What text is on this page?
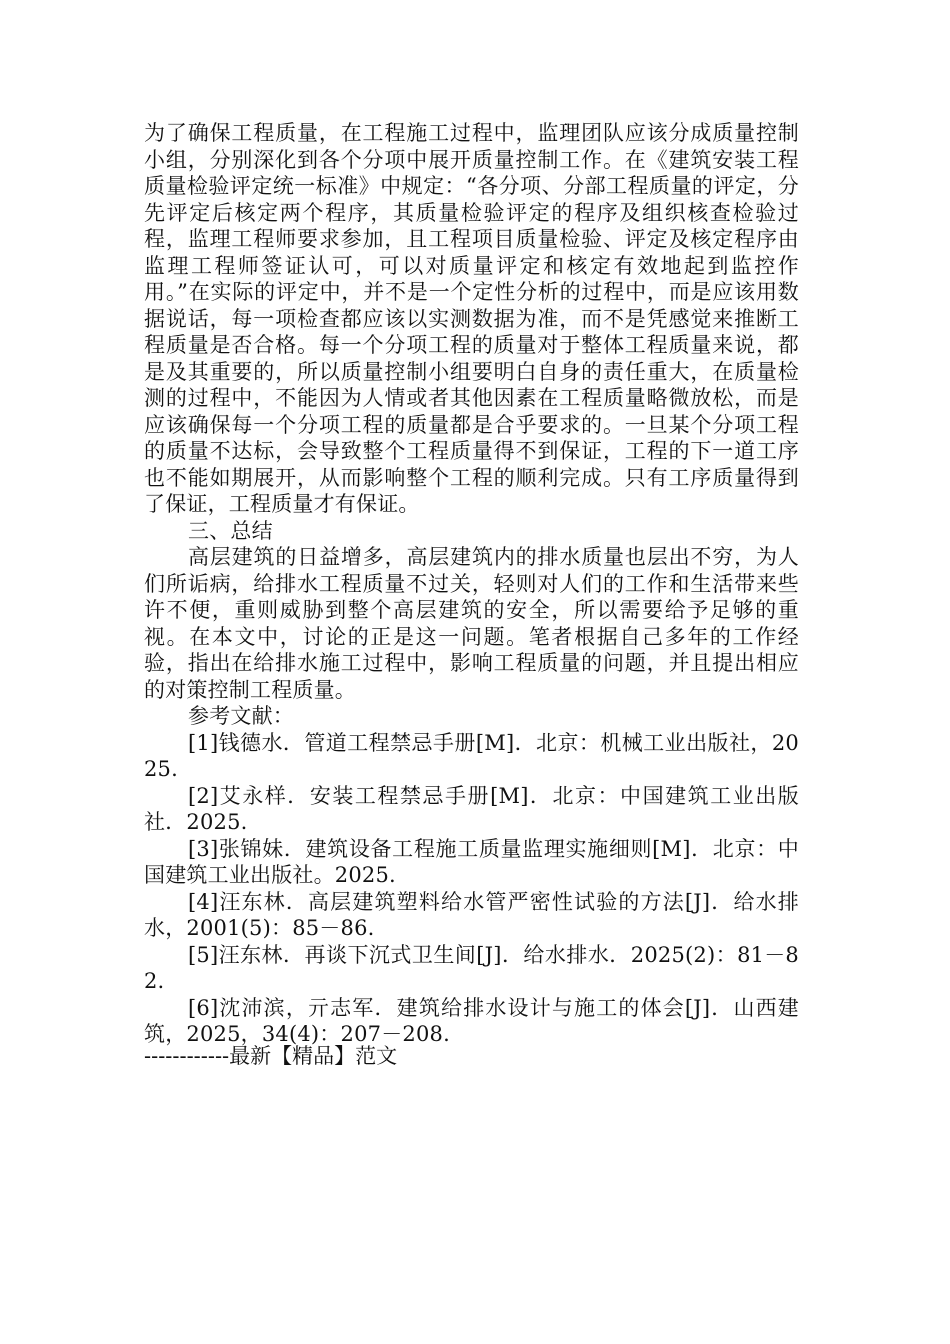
为了确保工程质量，在工程施工过程中，监理团队应该分成质量控制小组，分别深化到各个分项中展开质量控制工作。在《建筑安装工程质量检验评定统一标准》中规定：“各分项、分部工程质量的评定，分先评定后核定两个程序，其质量检验评定的程序及组织核查检验过程，监理工程师要求参加，且工程项目质量检验、评定及核定程序由监理工程师签证认可，可以对质量评定和核定有效地起到监控作用。”在实际的评定中，并不是一个定性分析的过程中，而是应该用数据说话，每一项检查都应该以实测数据为准，而不是凭感觉来推断工程质量是否合格。每一个分项工程的质量对于整体工程质量来说，都是及其重要的，所以质量控制小组要明白自身的责任重大，在质量检测的过程中，不能因为人情或者其他因素在工程质量略微放松，而是应该确保每一个分项工程的质量都是合乎要求的。一旦某个分项工程的质量不达标，会导致整个工程质量得不到保证，工程的下一道工序也不能如期展开，从而影响整个工程的顺利完成。只有工序质量得到了保证，工程质量才有保证。

三、总结

高层建筑的日益增多，高层建筑内的排水质量也层出不穷，为人们所诟病，给排水工程质量不过关，轻则对人们的工作和生活带来些许不便，重则威胁到整个高层建筑的安全，所以需要给予足够的重视。在本文中，讨论的正是这一问题。笔者根据自己多年的工作经验，指出在给排水施工过程中，影响工程质量的问题，并且提出相应的对策控制工程质量。

参考文献：

[1]钱德水．管道工程禁忌手册[M]．北京：机械工业出版社，2025.

[2]艾永样．安装工程禁忌手册[M]．北京：中国建筑工业出版社．2025.

[3]张锦妹．建筑设备工程施工质量监理实施细则[M]．北京：中国建筑工业出版社。2025.

[4]汪东林．高层建筑塑料给水管严密性试验的方法[J]．给水排水，2001(5)：85－86.

[5]汪东林．再谈下沉式卫生间[J]．给水排水．2025(2)：81－82.

[6]沈沛滨，亓志军．建筑给排水设计与施工的体会[J]．山西建筑，2025，34(4)：207－208.

------------最新【精品】范文
